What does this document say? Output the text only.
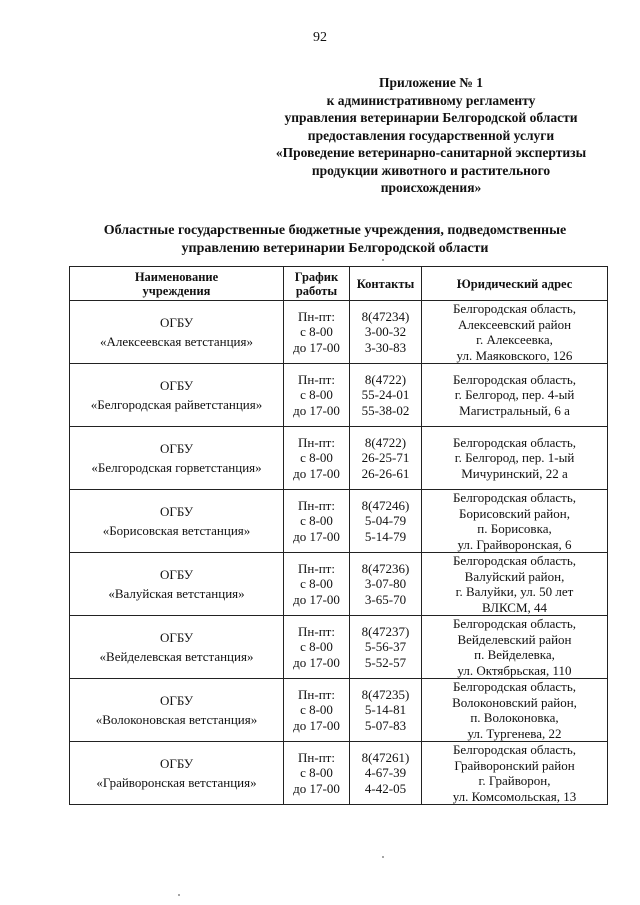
92
Приложение № 1
к административному регламенту
управления ветеринарии Белгородской области
предоставления государственной услуги
«Проведение ветеринарно-санитарной экспертизы
продукции животного и растительного
происхождения»
Областные государственные бюджетные учреждения, подведомственные
управлению ветеринарии Белгородской области
Наименование
учреждения	График
работы	Контакты	Юридический адрес

ОГБУ
«Алексеевская ветстанция»	Пн-пт:
с 8-00
до 17-00	8(47234)
3-00-32
3-30-83	Белгородская область,
Алексеевский район
г. Алексеевка,
ул. Маяковского, 126

ОГБУ
«Белгородская райветстанция»	Пн-пт:
с 8-00
до 17-00	8(4722)
55-24-01
55-38-02	Белгородская область,
г. Белгород, пер. 4-ый
Магистральный, 6 а

ОГБУ
«Белгородская горветстанция»	Пн-пт:
с 8-00
до 17-00	8(4722)
26-25-71
26-26-61	Белгородская область,
г. Белгород, пер. 1-ый
Мичуринский, 22 а

ОГБУ
«Борисовская ветстанция»	Пн-пт:
с 8-00
до 17-00	8(47246)
5-04-79
5-14-79	Белгородская область,
Борисовский район,
п. Борисовка,
ул. Грайворонская, 6

ОГБУ
«Валуйская ветстанция»	Пн-пт:
с 8-00
до 17-00	8(47236)
3-07-80
3-65-70	Белгородская область,
Валуйский район,
г. Валуйки, ул. 50 лет
ВЛКСМ, 44

ОГБУ
«Вейделевская ветстанция»	Пн-пт:
с 8-00
до 17-00	8(47237)
5-56-37
5-52-57	Белгородская область,
Вейделевский район
п. Вейделевка,
ул. Октябрьская, 110

ОГБУ
«Волоконовская ветстанция»	Пн-пт:
с 8-00
до 17-00	8(47235)
5-14-81
5-07-83	Белгородская область,
Волоконовский район,
п. Волоконовка,
ул. Тургенева, 22

ОГБУ
«Грайворонская ветстанция»	Пн-пт:
с 8-00
до 17-00	8(47261)
4-67-39
4-42-05	Белгородская область,
Грайворонский район
г. Грайворон,
ул. Комсомольская, 13
